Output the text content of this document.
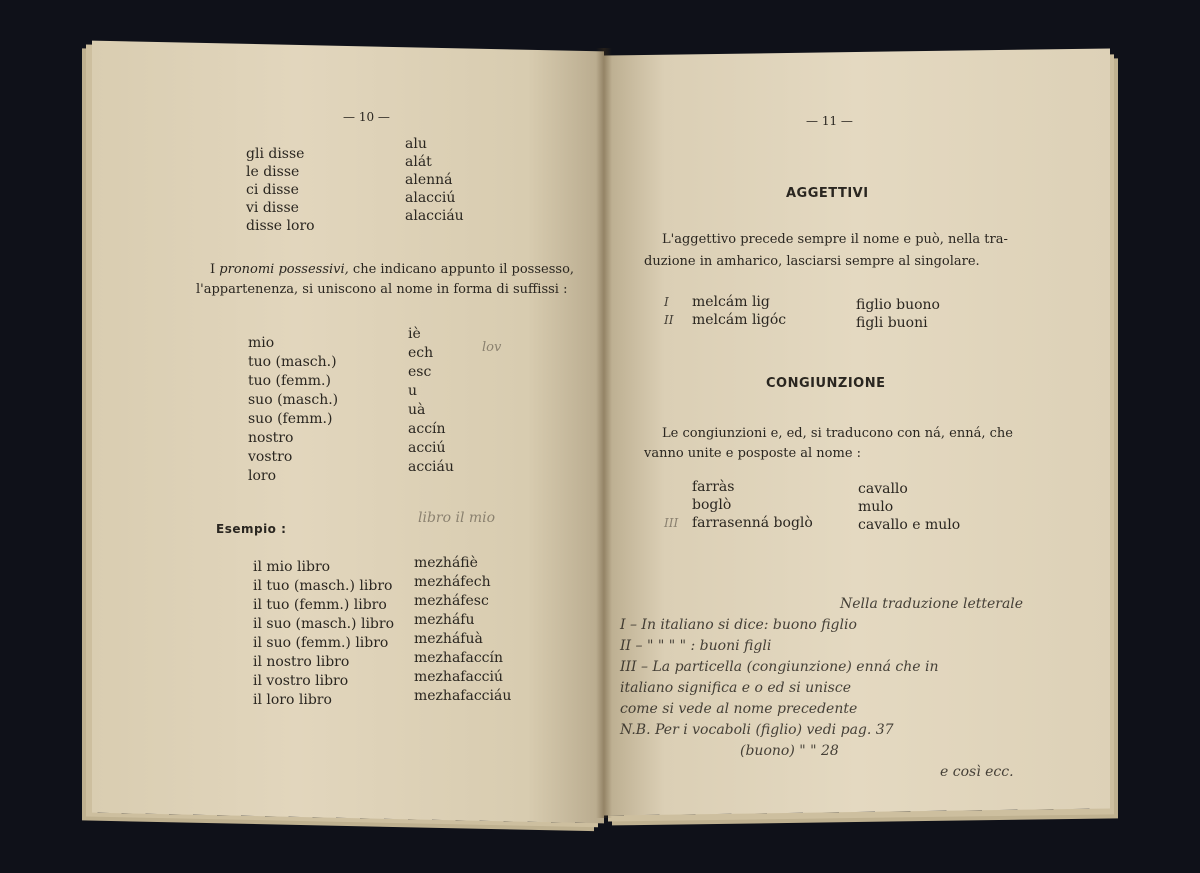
— 10 —
gli disse
le disse
ci disse
vi disse
disse loro
alu
alát
alenná
alacciú
alacciáu
I pronomi possessivi, che indicano appunto il possesso,
l'appartenenza, si uniscono al nome in forma di suffissi :
mio
tuo (masch.)
tuo (femm.)
suo (masch.)
suo (femm.)
nostro
vostro
loro
iè
ech
esc
u
uà
accín
acciú
acciáu
lov
Esempio :
libro il mio
il mio libro
il tuo (masch.) libro
il tuo (femm.) libro
il suo (masch.) libro
il suo (femm.) libro
il nostro libro
il vostro libro
il loro libro
mezháfiè
mezháfech
mezháfesc
mezháfu
mezháfuà
mezhafaccín
mezhafacciú
mezhafacciáu
— 11 —
AGGETTIVI
L'aggettivo precede sempre il nome e può, nella tra-
duzione in amharico, lasciarsi sempre al singolare.
I
II
melcám lig
melcám ligóc
figlio buono
figli buoni
CONGIUNZIONE
Le congiunzioni e, ed, si traducono con ná, enná, che
vanno unite e posposte al nome :
farràs
boglò
farrasenná boglò
cavallo
mulo
cavallo e mulo
III
Nella traduzione letterale
I – In italiano si dice: buono figlio
II – " " " " : buoni figli
III – La particella (congiunzione) enná che in
italiano significa e o ed si unisce
come si vede al nome precedente
N.B. Per i vocaboli (figlio) vedi pag. 37
(buono) " " 28
e così ecc.
